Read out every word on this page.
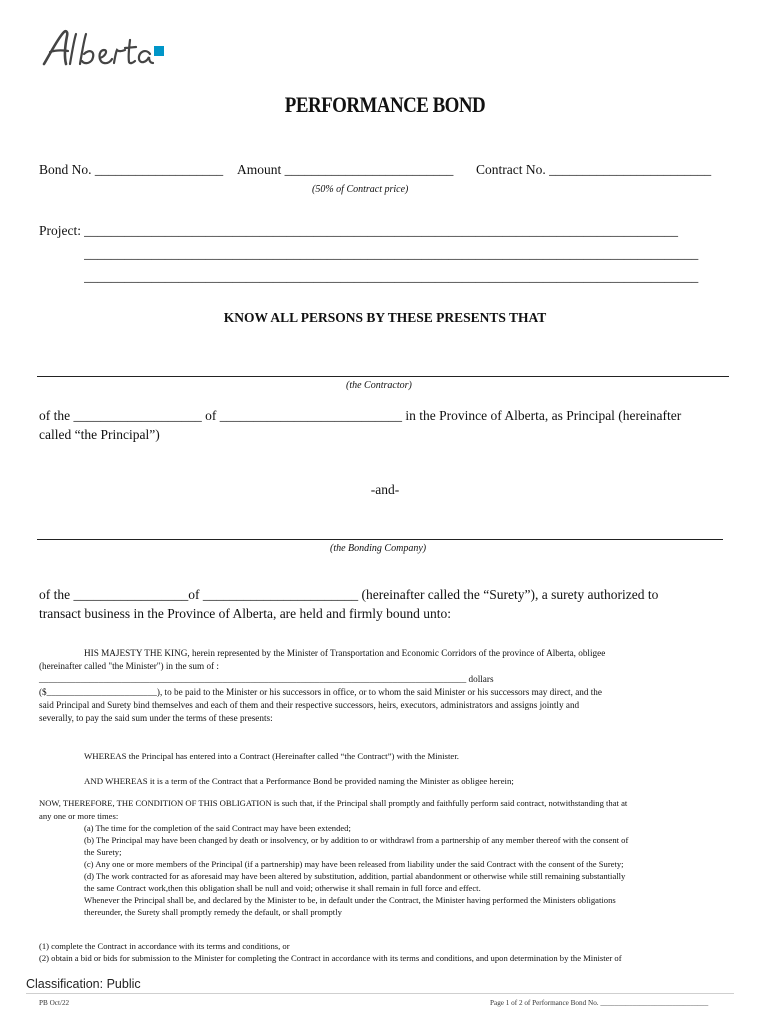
PERFORMANCE BOND
Bond No. ___________________ Amount _________________________ Contract No. ________________________
(50% of Contract price)
Project: ________________________________________________________________________________________
___________________________________________________________________________________________
___________________________________________________________________________________________
KNOW ALL PERSONS BY THESE PRESENTS THAT
(the Contractor)
of the ___________________ of ___________________________ in the Province of Alberta, as Principal (hereinafter
called “the Principal”)
-and-
(the Bonding Company)
of the _________________of _______________________ (hereinafter called the “Surety”), a surety authorized to
transact business in the Province of Alberta, are held and firmly bound unto:
HIS MAJESTY THE KING, herein represented by the Minister of Transportation and Economic Corridors of the province of Alberta, obligee
(hereinafter called "the Minister") in the sum of :
_____________________________________________________________________________________________ dollars
($________________________), to be paid to the Minister or his successors in office, or to whom the said Minister or his successors may direct, and the
said Principal and Surety bind themselves and each of them and their respective successors, heirs, executors, administrators and assigns jointly and
severally, to pay the said sum under the terms of these presents:
WHEREAS the Principal has entered into a Contract (Hereinafter called “the Contract”) with the Minister.
AND WHEREAS it is a term of the Contract that a Performance Bond be provided naming the Minister as obligee herein;
NOW, THEREFORE, THE CONDITION OF THIS OBLIGATION is such that, if the Principal shall promptly and faithfully perform said contract, notwithstanding that at
any one or more times:
(a) The time for the completion of the said Contract may have been extended;
(b) The Principal may have been changed by death or insolvency, or by addition to or withdrawl from a partnership of any member thereof with the consent of
the Surety;
(c) Any one or more members of the Principal (if a partnership) may have been released from liability under the said Contract with the consent of the Surety;
(d) The work contracted for as aforesaid may have been altered by substitution, addition, partial abandonment or otherwise while still remaining substantially
the same Contract work,then this obligation shall be null and void; otherwise it shall remain in full force and effect.
Whenever the Principal shall be, and declared by the Minister to be, in default under the Contract, the Minister having performed the Ministers obligations
thereunder, the Surety shall promptly remedy the default, or shall promptly
(1) complete the Contract in accordance with its terms and conditions, or
(2) obtain a bid or bids for submission to the Minister for completing the Contract in accordance with its terms and conditions, and upon determination by the Minister of
Classification: Public
PB Oct/22	Page 1 of 2 of Performance Bond No. ______________________________
